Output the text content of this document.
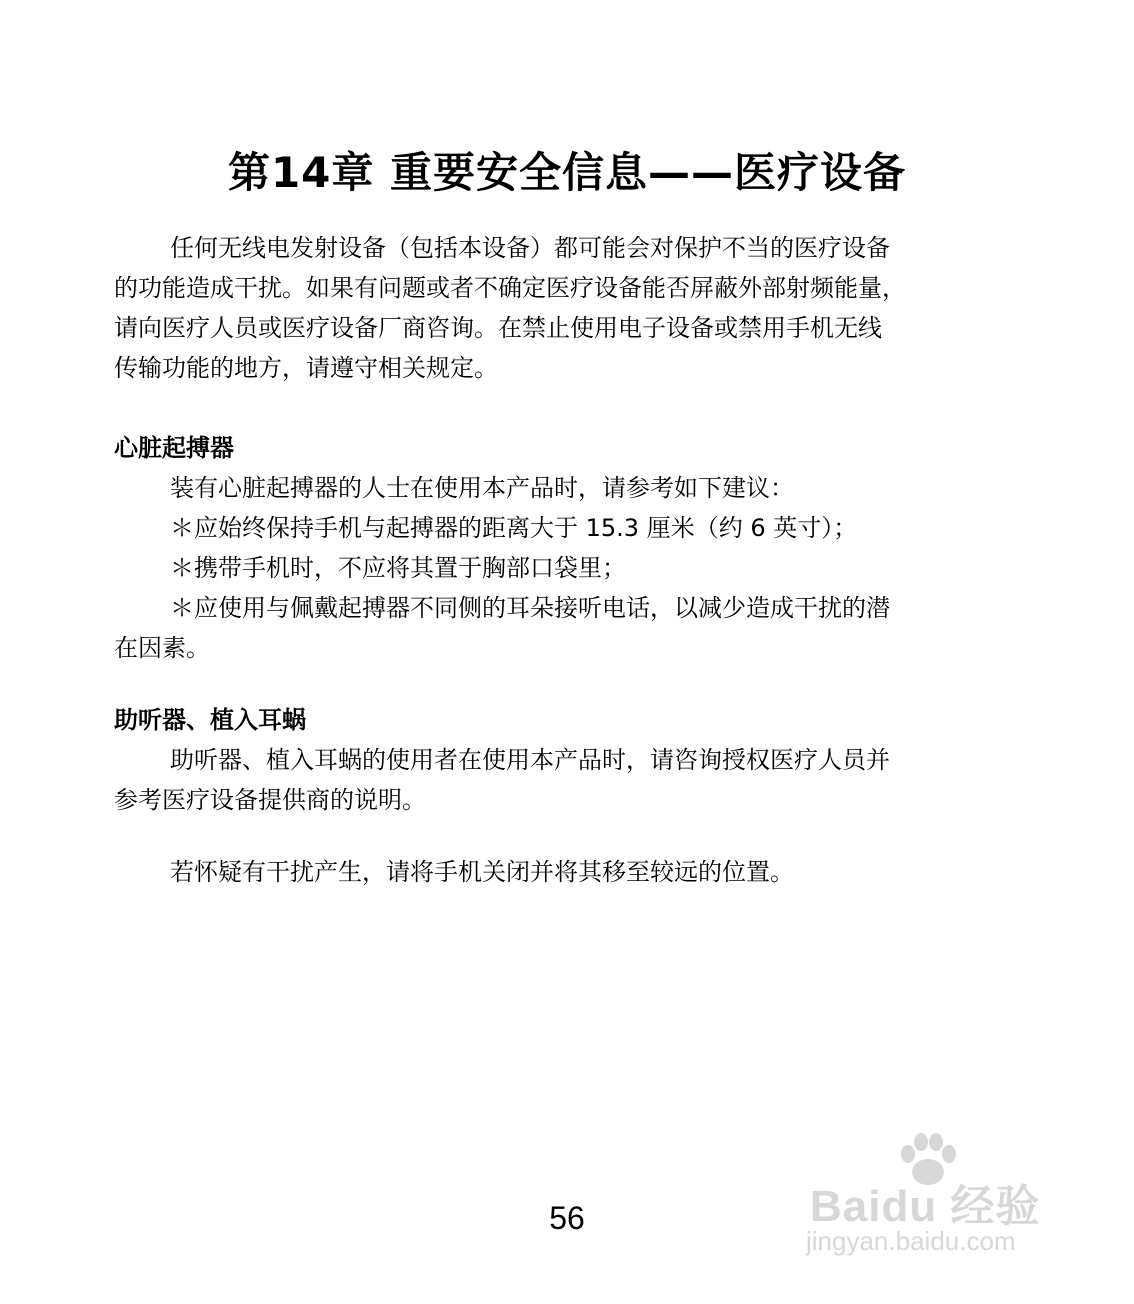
第14章 重要安全信息——医疗设备

任何无线电发射设备（包括本设备）都可能会对保护不当的医疗设备

的功能造成干扰。如果有问题或者不确定医疗设备能否屏蔽外部射频能量，

请向医疗人员或医疗设备厂商咨询。在禁止使用电子设备或禁用手机无线

传输功能的地方，请遵守相关规定。

心脏起搏器

装有心脏起搏器的人士在使用本产品时，请参考如下建议：

＊应始终保持手机与起搏器的距离大于 15.3 厘米（约 6 英寸）；

＊携带手机时，不应将其置于胸部口袋里；

＊应使用与佩戴起搏器不同侧的耳朵接听电话，以减少造成干扰的潜

在因素。

助听器、植入耳蜗

助听器、植入耳蜗的使用者在使用本产品时，请咨询授权医疗人员并

参考医疗设备提供商的说明。

若怀疑有干扰产生，请将手机关闭并将其移至较远的位置。

56	Baidu 经验
jingyan.baidu.com
